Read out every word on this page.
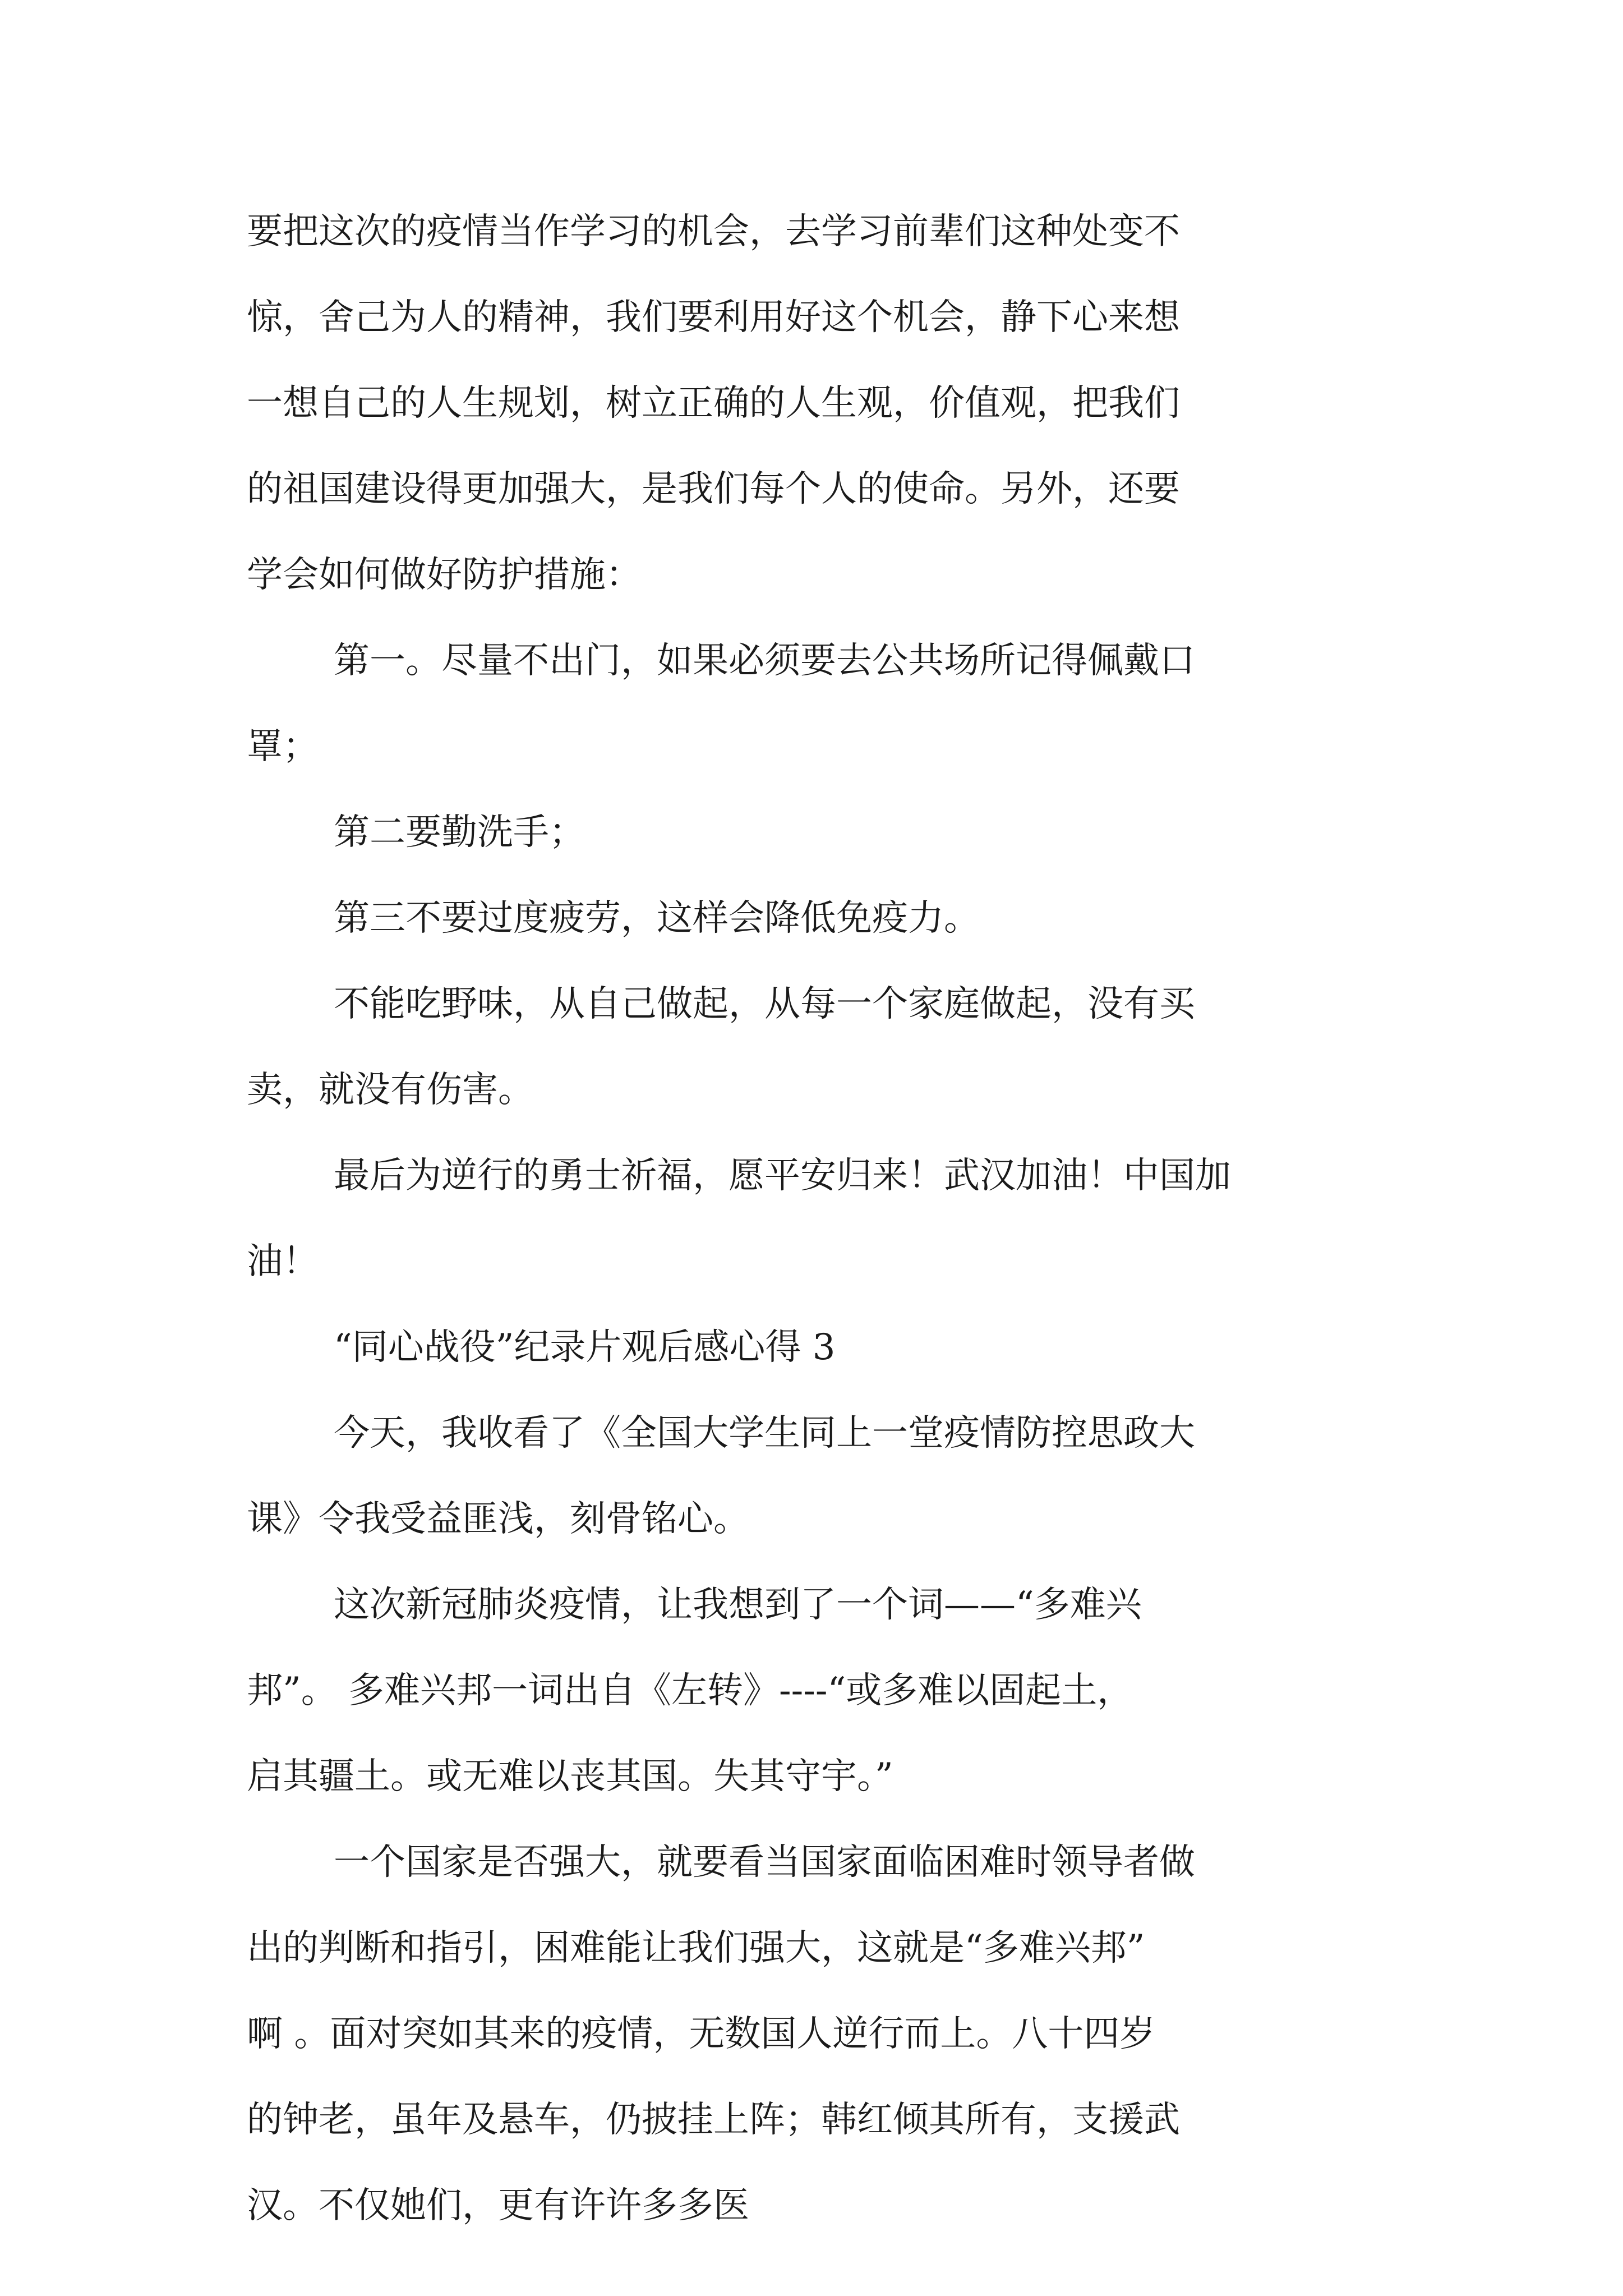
要把这次的疫情当作学习的机会，去学习前辈们这种处变不
惊，舍己为人的精神，我们要利用好这个机会，静下心来想
一想自己的人生规划，树立正确的人生观，价值观，把我们
的祖国建设得更加强大，是我们每个人的使命。另外，还要
学会如何做好防护措施：
第一。尽量不出门，如果必须要去公共场所记得佩戴口
罩；
第二要勤洗手；
第三不要过度疲劳，这样会降低免疫力。
不能吃野味，从自己做起，从每一个家庭做起，没有买
卖，就没有伤害。
最后为逆行的勇士祈福，愿平安归来！武汉加油！中国加
油！
“同心战役”纪录片观后感心得 3
今天，我收看了《全国大学生同上一堂疫情防控思政大
课》令我受益匪浅，刻骨铭心。
这次新冠肺炎疫情，让我想到了一个词——“多难兴
邦”。 多难兴邦一词出自《左转》----“或多难以固起土，
启其疆土。或无难以丧其国。失其守宇。”
一个国家是否强大，就要看当国家面临困难时领导者做
出的判断和指引，困难能让我们强大，这就是“多难兴邦”
啊 。面对突如其来的疫情，无数国人逆行而上。八十四岁
的钟老，虽年及悬车，仍披挂上阵；韩红倾其所有，支援武
汉。不仅她们，更有许许多多医
